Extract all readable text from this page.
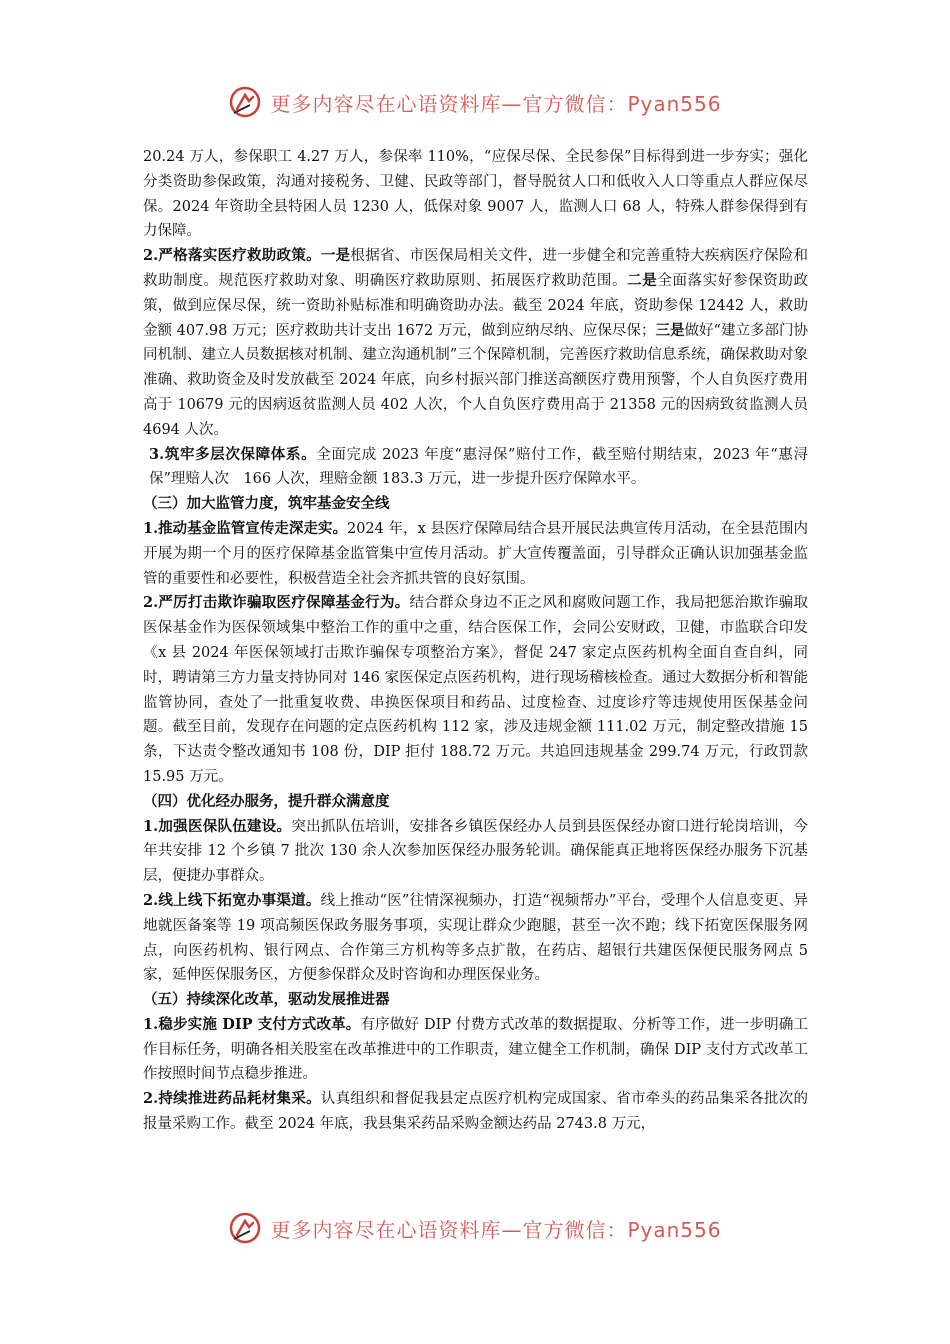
更多内容尽在心语资料库—官方微信：Pyan556

20.24 万人，参保职工 4.27 万人，参保率 110%，“应保尽保、全民参保”目标得到进一步夯实；强化分类资助参保政策，沟通对接税务、卫健、民政等部门，督导脱贫人口和低收入人口等重点人群应保尽保。2024 年资助全县特困人员 1230 人，低保对象 9007 人，监测人口 68 人，特殊人群参保得到有力保障。

2.严格落实医疗救助政策。一是根据省、市医保局相关文件，进一步健全和完善重特大疾病医疗保险和救助制度。规范医疗救助对象、明确医疗救助原则、拓展医疗救助范围。二是全面落实好参保资助政策，做到应保尽保，统一资助补贴标准和明确资助办法。截至 2024 年底，资助参保 12442 人，救助金额 407.98 万元；医疗救助共计支出 1672 万元，做到应纳尽纳、应保尽保；三是做好“建立多部门协同机制、建立人员数据核对机制、建立沟通机制”三个保障机制，完善医疗救助信息系统，确保救助对象准确、救助资金及时发放截至 2024 年底，向乡村振兴部门推送高额医疗费用预警，个人自负医疗费用高于 10679 元的因病返贫监测人员 402 人次，个人自负医疗费用高于 21358 元的因病致贫监测人员 4694 人次。

3.筑牢多层次保障体系。全面完成 2023 年度“惠浔保”赔付工作，截至赔付期结束，2023 年“惠浔保”理赔人次　166 人次，理赔金额 183.3 万元，进一步提升医疗保障水平。

（三）加大监管力度，筑牢基金安全线

1.推动基金监管宣传走深走实。2024 年，x 县医疗保障局结合县开展民法典宣传月活动，在全县范围内开展为期一个月的医疗保障基金监管集中宣传月活动。扩大宣传覆盖面，引导群众正确认识加强基金监管的重要性和必要性，积极营造全社会齐抓共管的良好氛围。

2.严厉打击欺诈骗取医疗保障基金行为。结合群众身边不正之风和腐败问题工作，我局把惩治欺诈骗取医保基金作为医保领域集中整治工作的重中之重，结合医保工作，会同公安财政，卫健，市监联合印发《x 县 2024 年医保领域打击欺诈骗保专项整治方案》，督促 247 家定点医药机构全面自查自纠，同时，聘请第三方力量支持协同对 146 家医保定点医药机构，进行现场稽核检查。通过大数据分析和智能监管协同，查处了一批重复收费、串换医保项目和药品、过度检查、过度诊疗等违规使用医保基金问题。截至目前，发现存在问题的定点医药机构 112 家，涉及违规金额 111.02 万元，制定整改措施 15 条，下达责令整改通知书 108 份，DIP 拒付 188.72 万元。共追回违规基金 299.74 万元，行政罚款 15.95 万元。

（四）优化经办服务，提升群众满意度

1.加强医保队伍建设。突出抓队伍培训，安排各乡镇医保经办人员到县医保经办窗口进行轮岗培训，今年共安排 12 个乡镇 7 批次 130 余人次参加医保经办服务轮训。确保能真正地将医保经办服务下沉基层，便捷办事群众。

2.线上线下拓宽办事渠道。线上推动“医”往情深视频办，打造“视频帮办”平台，受理个人信息变更、异地就医备案等 19 项高频医保政务服务事项，实现让群众少跑腿，甚至一次不跑；线下拓宽医保服务网点，向医药机构、银行网点、合作第三方机构等多点扩散，在药店、超银行共建医保便民服务网点 5 家，延伸医保服务区，方便参保群众及时咨询和办理医保业务。

（五）持续深化改革，驱动发展推进器

1.稳步实施 DIP 支付方式改革。有序做好 DIP 付费方式改革的数据提取、分析等工作，进一步明确工作目标任务，明确各相关股室在改革推进中的工作职责，建立健全工作机制，确保 DIP 支付方式改革工作按照时间节点稳步推进。

2.持续推进药品耗材集采。认真组织和督促我县定点医疗机构完成国家、省市牵头的药品集采各批次的报量采购工作。截至 2024 年底，我县集采药品采购金额达药品 2743.8 万元，

更多内容尽在心语资料库—官方微信：Pyan556
